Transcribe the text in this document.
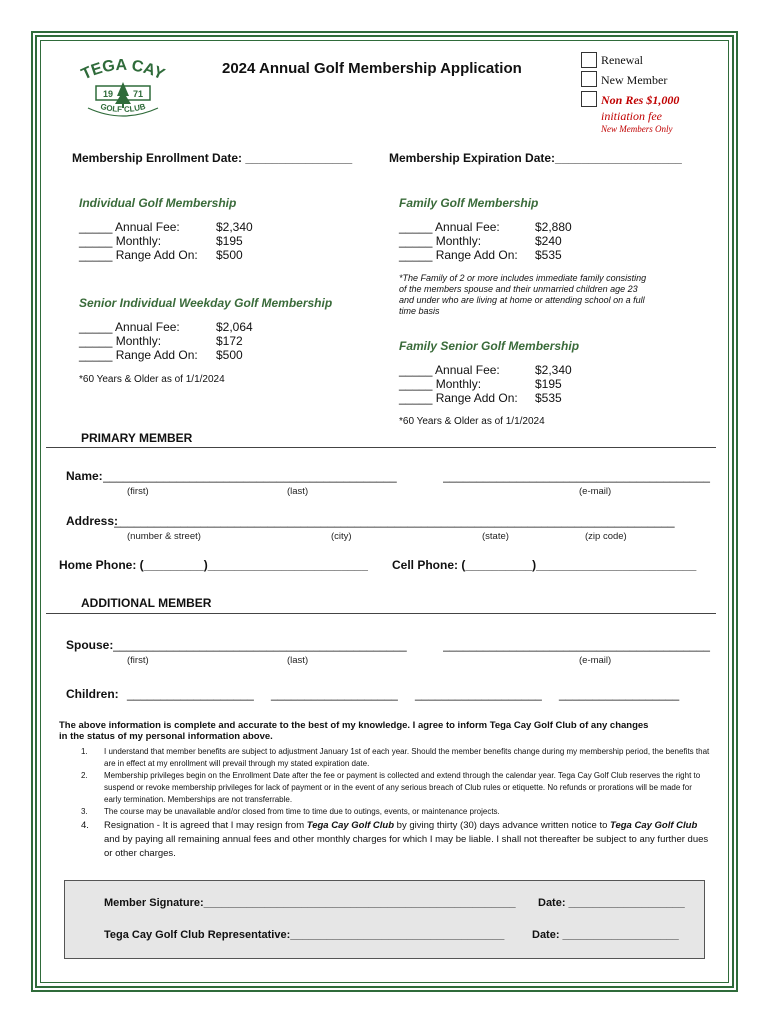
TEGA CAY
19 71
GOLF CLUB
2024 Annual Golf Membership Application	Renewal
New Member
Non Res $1,000
initiation fee
New Members Only
Membership Enrollment Date: ________________	Membership Expiration Date:___________________
Individual Golf Membership
_____ Annual Fee:	$2,340
_____ Monthly:	$195
_____ Range Add On: $500
Senior Individual Weekday Golf Membership
_____ Annual Fee:	$2,064
_____ Monthly:	$172
_____ Range Add On: $500
*60 Years & Older as of 1/1/2024
Family Golf Membership
_____ Annual Fee:	$2,880
_____ Monthly:	$240
_____ Range Add On: $535
*The Family of 2 or more includes immediate family consisting of the members spouse and their unmarried children age 23 and under who are living at home or attending school on a full time basis
Family Senior Golf Membership
_____ Annual Fee:	$2,340
_____ Monthly:	$195
_____ Range Add On: $535
*60 Years & Older as of 1/1/2024
PRIMARY MEMBER
Name: ____________________________________________	________________________________________
(first)	(last)	(e-mail)
Address:
____________________________________________________________________________________
(number & street)	(city)	(state)	(zip code)
Home Phone: (_________)________________________	Cell Phone: (__________)________________________
ADDITIONAL MEMBER
Spouse: ____________________________________________	________________________________________
(first)	(last)	(e-mail)
Children: ___________________ ___________________ ___________________ __________________
The above information is complete and accurate to the best of my knowledge. I agree to inform Tega Cay Golf Club of any changes
in the status of my personal information above.
1.	I understand that member benefits are subject to adjustment January 1st of each year. Should the member benefits change during my membership period, the benefits that are in effect at my enrollment will prevail through my stated expiration date.
2.	Membership privileges begin on the Enrollment Date after the fee or payment is collected and extend through the calendar year. Tega Cay Golf Club reserves the right to suspend or revoke membership privileges for lack of payment or in the event of any serious breach of Club rules or etiquette. No refunds or prorations will be made for early termination. Memberships are not transferrable.
3.	The course may be unavailable and/or closed from time to time due to outings, events, or maintenance projects.
4.	Resignation - It is agreed that I may resign from Tega Cay Golf Club by giving thirty (30) days advance written notice to Tega Cay Golf Club and by paying all remaining annual fees and other monthly charges for which I may be liable. I shall not thereafter be subject to any further dues or other charges.
Member Signature:___________________________________________________	Date: ___________________
Tega Cay Golf Club Representative:___________________________________	Date: ___________________
